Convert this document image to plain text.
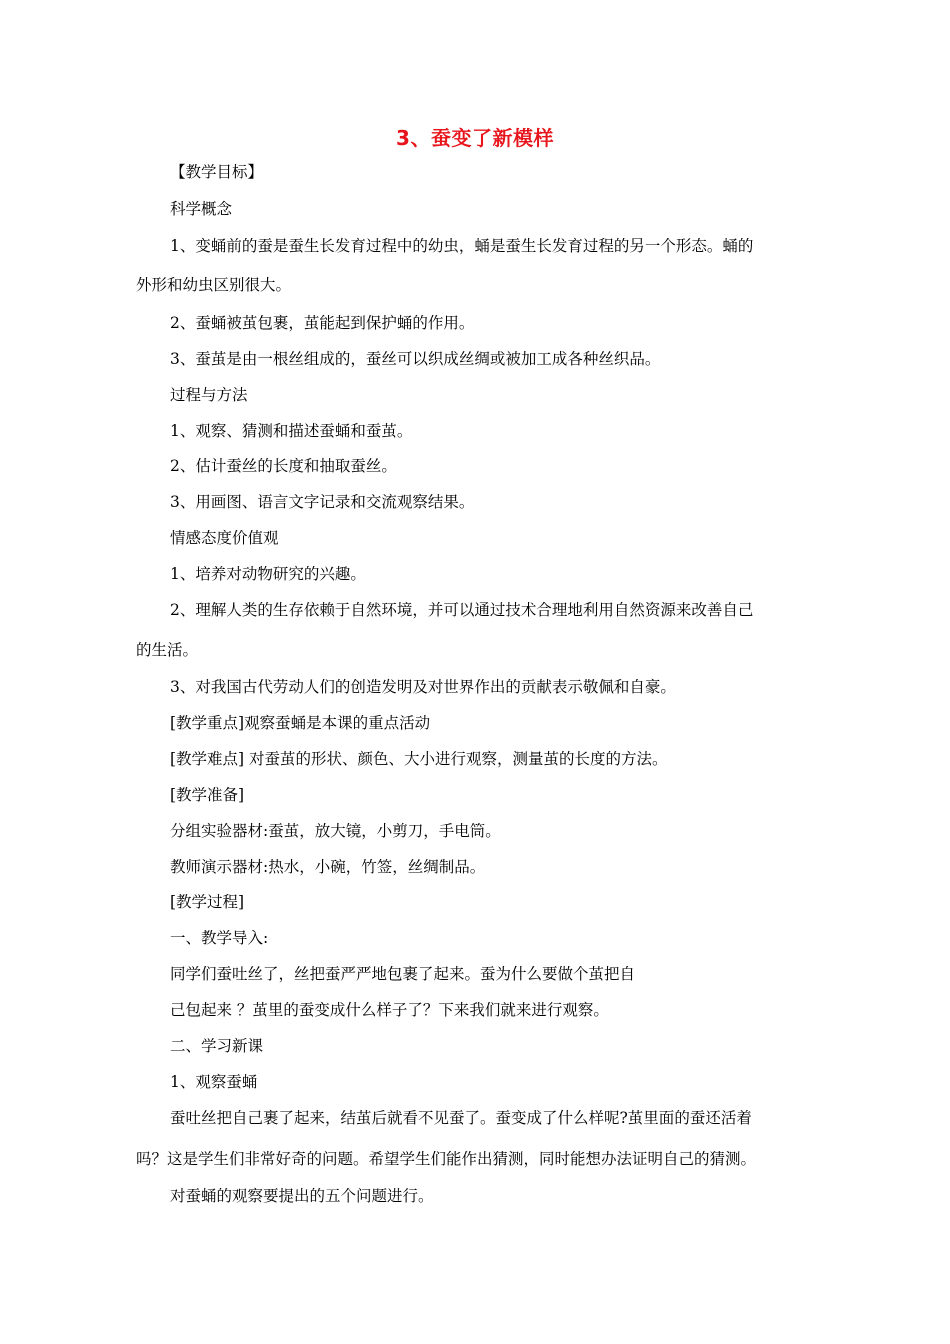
3、蚕变了新模样
【教学目标】
科学概念
1、变蛹前的蚕是蚕生长发育过程中的幼虫，蛹是蚕生长发育过程的另一个形态。蛹的
外形和幼虫区别很大。
2、蚕蛹被茧包裹，茧能起到保护蛹的作用。
3、蚕茧是由一根丝组成的，蚕丝可以织成丝绸或被加工成各种丝织品。
过程与方法
1、观察、猜测和描述蚕蛹和蚕茧。
2、估计蚕丝的长度和抽取蚕丝。
3、用画图、语言文字记录和交流观察结果。
情感态度价值观
1、培养对动物研究的兴趣。
2、理解人类的生存依赖于自然环境，并可以通过技术合理地利用自然资源来改善自己
的生活。
3、对我国古代劳动人们的创造发明及对世界作出的贡献表示敬佩和自豪。
[教学重点]观察蚕蛹是本课的重点活动
[教学难点] 对蚕茧的形状、颜色、大小进行观察，测量茧的长度的方法。
[教学准备]
分组实验器材:蚕茧，放大镜，小剪刀，手电筒。
教师演示器材:热水，小碗，竹签，丝绸制品。
[教学过程]
一、教学导入:
同学们蚕吐丝了，丝把蚕严严地包裹了起来。蚕为什么要做个茧把自
己包起来 ？茧里的蚕变成什么样子了？下来我们就来进行观察。
二、学习新课
1、观察蚕蛹
蚕吐丝把自己裹了起来，结茧后就看不见蚕了。蚕变成了什么样呢?茧里面的蚕还活着
吗？这是学生们非常好奇的问题。希望学生们能作出猜测，同时能想办法证明自己的猜测。
对蚕蛹的观察要提出的五个问题进行。
